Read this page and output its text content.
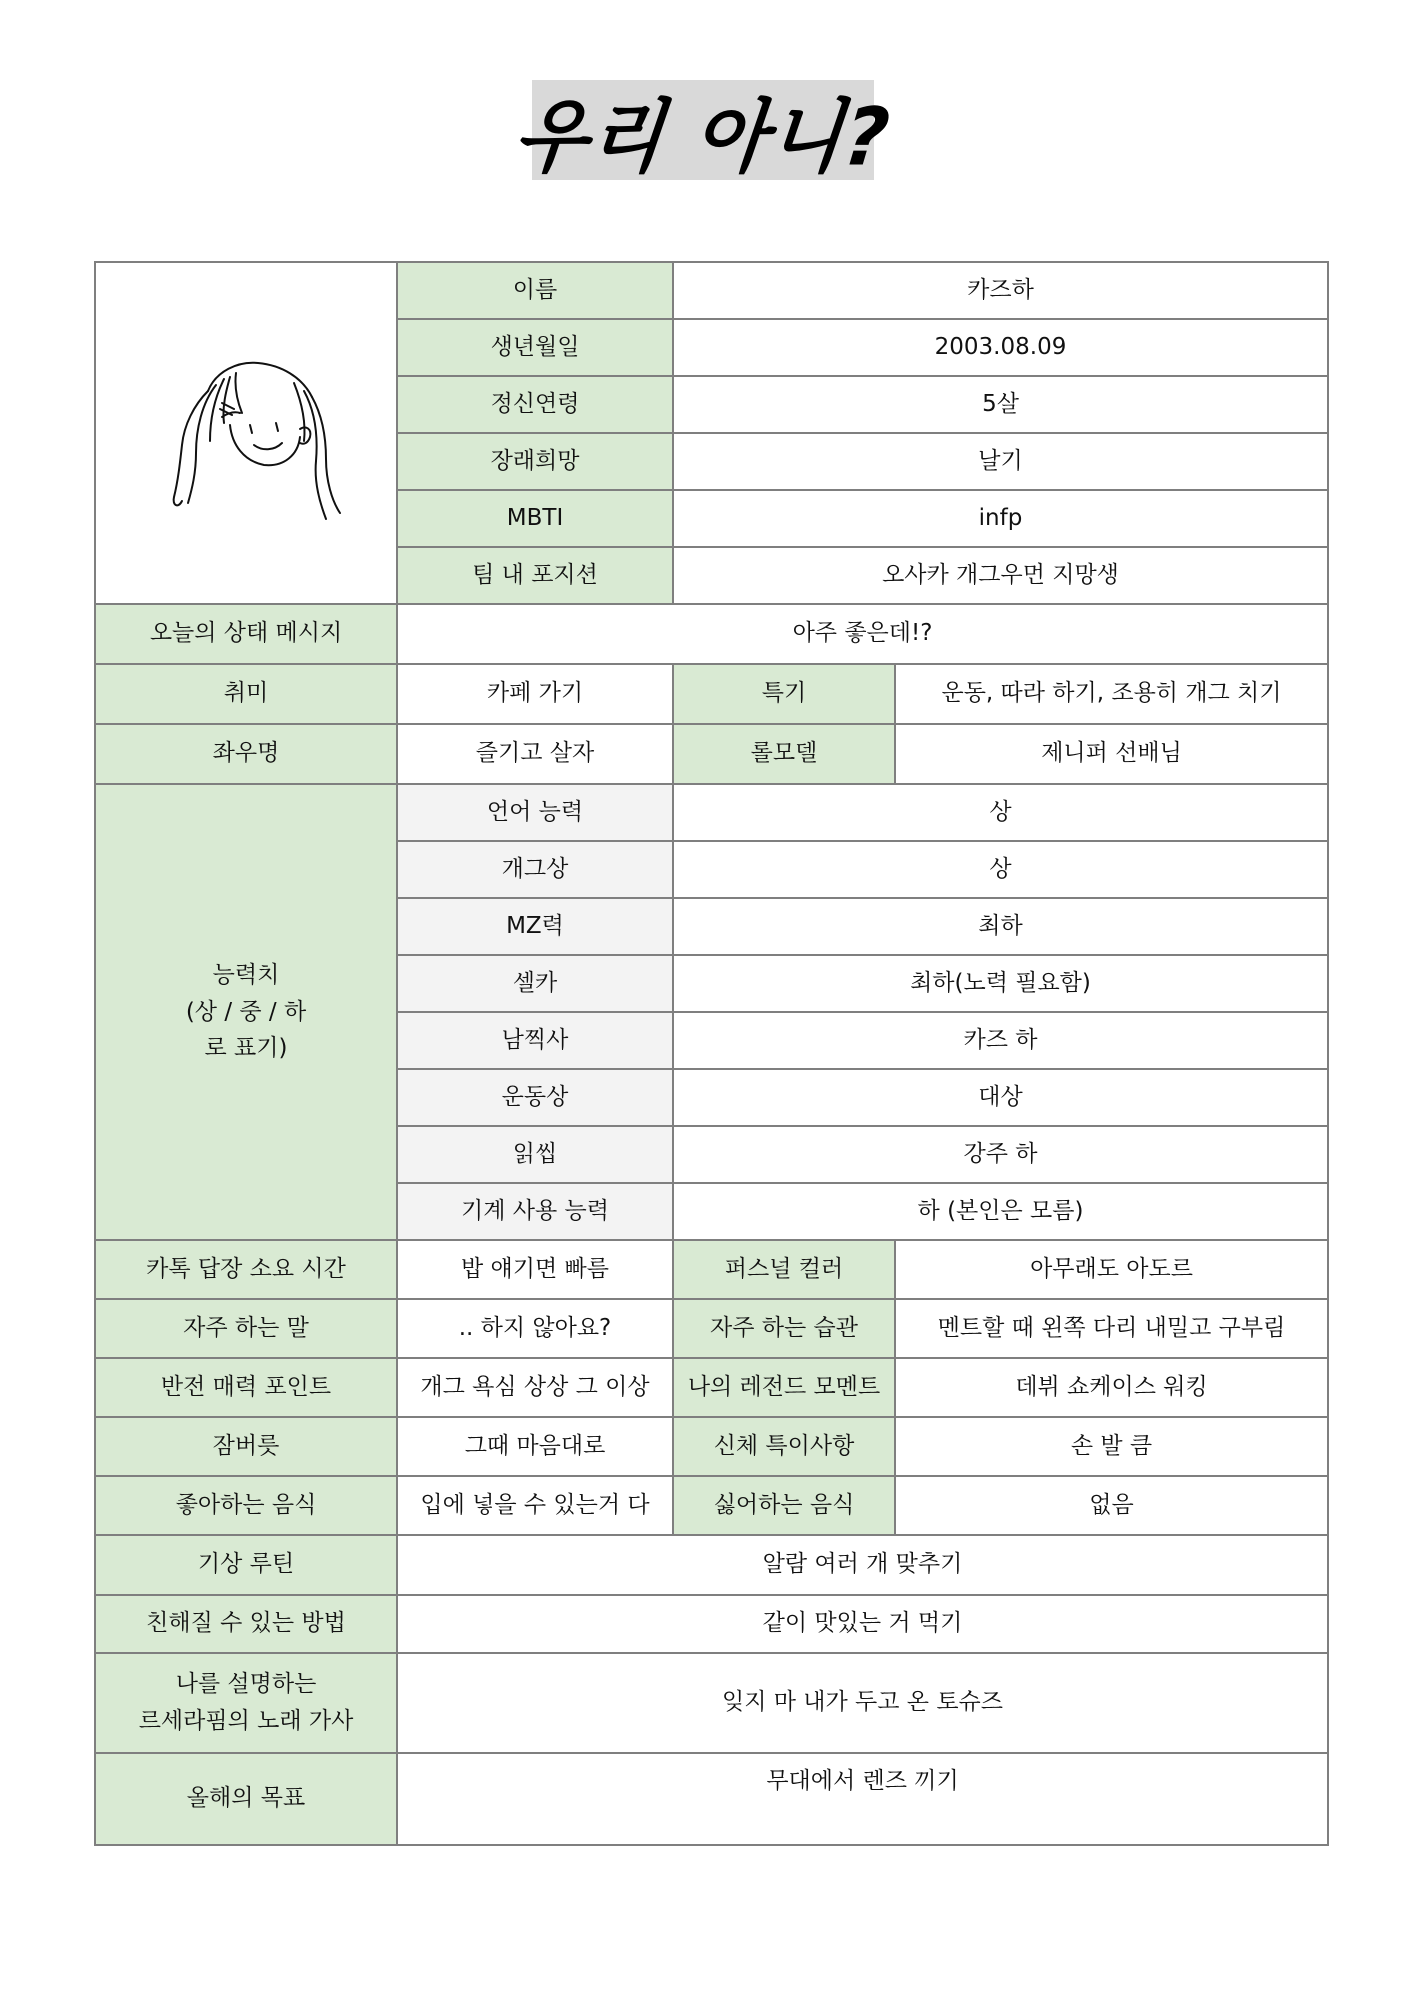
우리 아니?
	이름	카즈하	
	생년월일	2003.08.09	
	정신연령	5살	
	장래희망	날기	
	MBTI	infp	
	팀 내 포지션	오사카 개그우먼 지망생	
오늘의 상태 메시지	아주 좋은데!?		
취미	카페 가기	특기	운동, 따라 하기, 조용히 개그 치기
좌우명	즐기고 살자	롤모델	제니퍼 선배님

능력치
(상 / 중 / 하
로 표기)	언어 능력	상	
	개그상	상	
	MZ력	최하	
	셀카	최하(노력 필요함)	
	남찍사	카즈 하	
	운동상	대상	
	읽씹	강주 하	
	기계 사용 능력	하 (본인은 모름)	
카톡 답장 소요 시간	밥 얘기면 빠름	퍼스널 컬러	아무래도 아도르
자주 하는 말	.. 하지 않아요?	자주 하는 습관	멘트할 때 왼쪽 다리 내밀고 구부림
반전 매력 포인트	개그 욕심 상상 그 이상	나의 레전드 모멘트	데뷔 쇼케이스 워킹
잠버릇	그때 마음대로	신체 특이사항	손 발 큼
좋아하는 음식	입에 넣을 수 있는거 다	싫어하는 음식	없음
기상 루틴	알람 여러 개 맞추기		
친해질 수 있는 방법	같이 맛있는 거 먹기		

나를 설명하는
르세라핌의 노래 가사	잊지 마 내가 두고 온 토슈즈		
올해의 목표	무대에서 렌즈 끼기		
